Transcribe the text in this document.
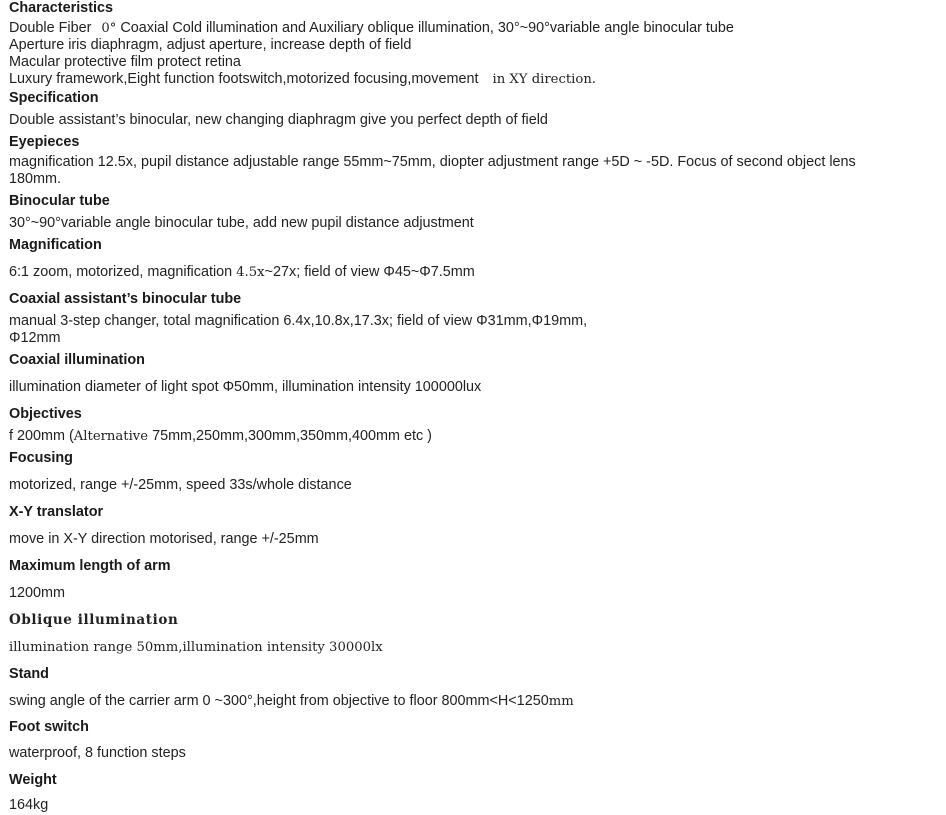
Characteristics
Double Fiber 0° Coaxial Cold illumination and Auxiliary oblique illumination, 30°~90°variable angle binocular tube
Aperture iris diaphragm, adjust aperture, increase depth of field
Macular protective film protect retina
Luxury framework,Eight function footswitch,motorized focusing,movement in XY direction.
Specification
Double assistant’s binocular, new changing diaphragm give you perfect depth of field
Eyepieces
magnification 12.5x, pupil distance adjustable range 55mm~75mm, diopter adjustment range +5D ~ -5D. Focus of second object lens
180mm.
Binocular tube
30°~90°variable angle binocular tube, add new pupil distance adjustment
Magnification
6:1 zoom, motorized, magnification 4.5x~27x; field of view Φ45~Φ7.5mm
Coaxial assistant’s binocular tube
manual 3-step changer, total magnification 6.4x,10.8x,17.3x; field of view Φ31mm,Φ19mm,
Φ12mm
Coaxial illumination
illumination diameter of light spot Φ50mm, illumination intensity 100000lux
Objectives
f 200mm (Alternative 75mm,250mm,300mm,350mm,400mm etc )
Focusing
motorized, range +/-25mm, speed 33s/whole distance
X-Y translator
move in X-Y direction motorised, range +/-25mm
Maximum length of arm
1200mm
Oblique illumination
illumination range 50mm,illumination intensity 30000lx
Stand
swing angle of the carrier arm 0 ~300°,height from objective to floor 800mm<H<1250mm
Foot switch
waterproof, 8 function steps
Weight
164kg
